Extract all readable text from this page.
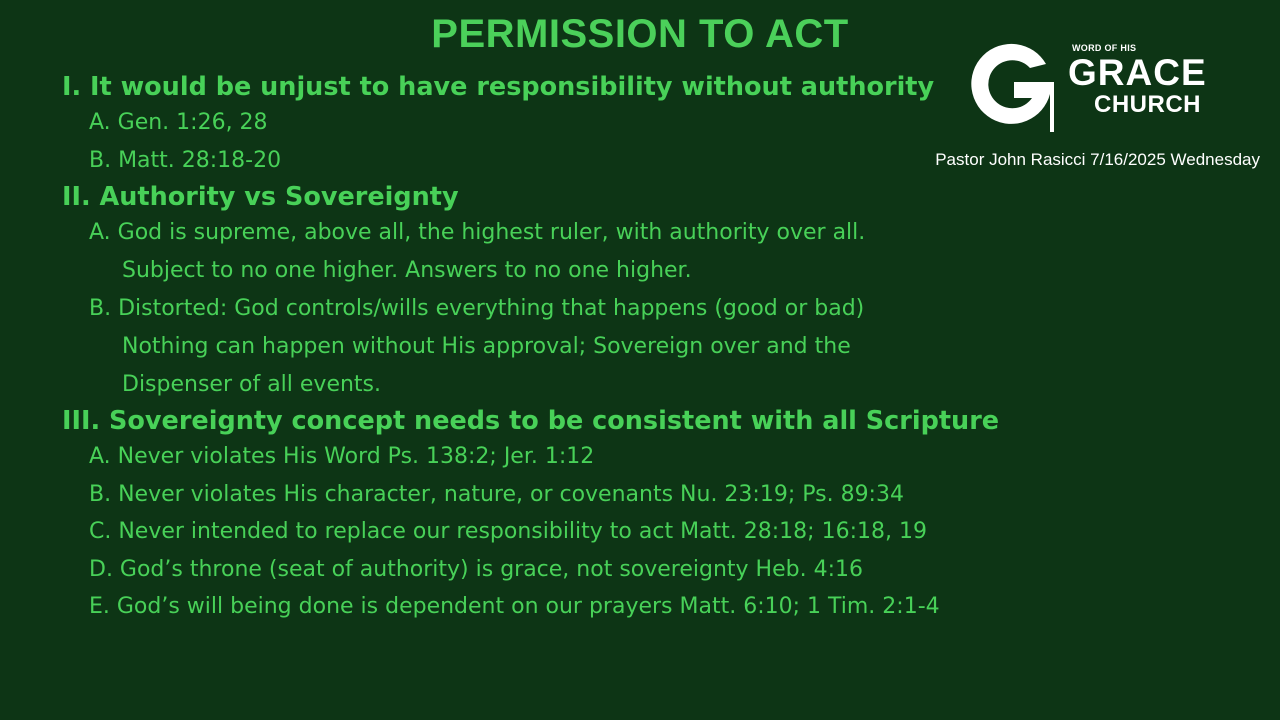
PERMISSION TO ACT	WORD OF HIS
GRACE
CHURCH
Pastor John Rasicci 7/16/2025 Wednesday
I. It would be unjust to have responsibility without authority
A. Gen. 1:26, 28
B. Matt. 28:18-20
II. Authority vs Sovereignty
A. God is supreme, above all, the highest ruler, with authority over all.
Subject to no one higher. Answers to no one higher.
B. Distorted: God controls/wills everything that happens (good or bad)
Nothing can happen without His approval; Sovereign over and the
Dispenser of all events.
III. Sovereignty concept needs to be consistent with all Scripture
A. Never violates His Word Ps. 138:2; Jer. 1:12
B. Never violates His character, nature, or covenants Nu. 23:19; Ps. 89:34
C. Never intended to replace our responsibility to act Matt. 28:18; 16:18, 19
D. God’s throne (seat of authority) is grace, not sovereignty Heb. 4:16
E. God’s will being done is dependent on our prayers Matt. 6:10; 1 Tim. 2:1-4
